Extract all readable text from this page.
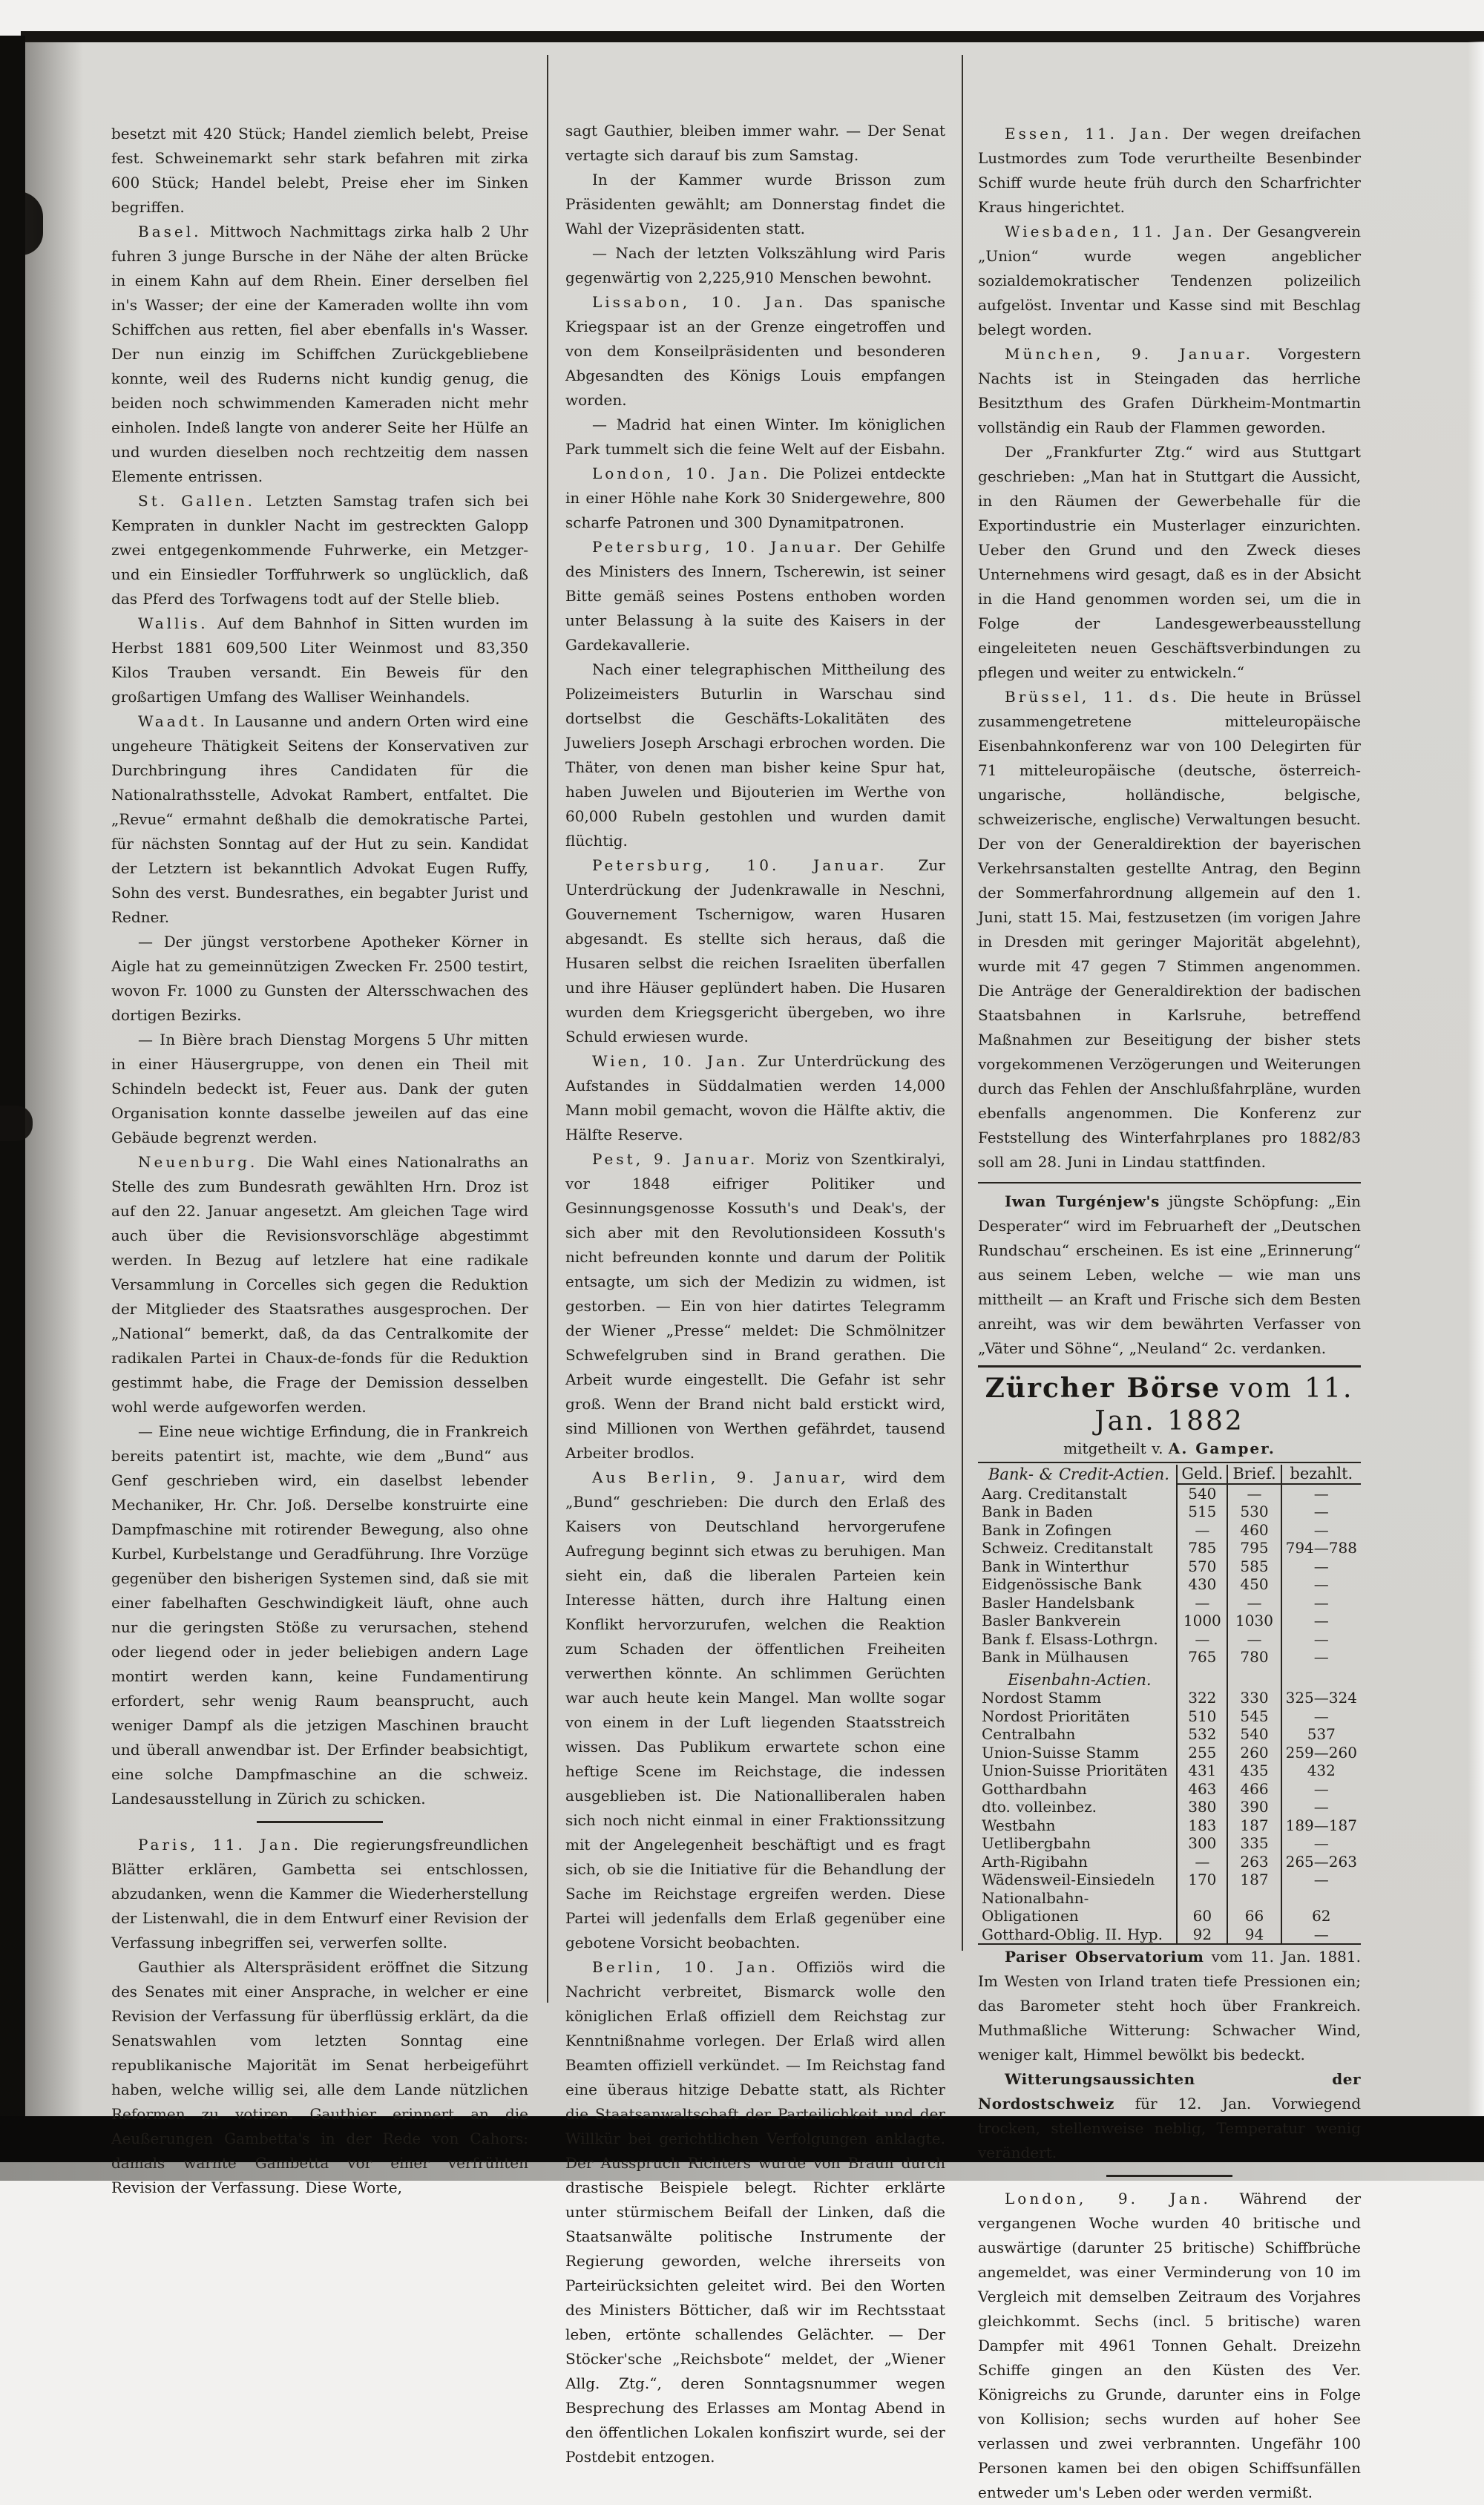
besetzt mit 420 Stück; Handel ziemlich belebt, Preise fest. Schweinemarkt sehr stark befahren mit zirka 600 Stück; Handel belebt, Preise eher im Sinken begriffen.

Basel. Mittwoch Nachmittags zirka halb 2 Uhr fuhren 3 junge Bursche in der Nähe der alten Brücke in einem Kahn auf dem Rhein. Einer derselben fiel in's Wasser; der eine der Kameraden wollte ihn vom Schiffchen aus retten, fiel aber ebenfalls in's Wasser. Der nun einzig im Schiffchen Zurückgebliebene konnte, weil des Ruderns nicht kundig genug, die beiden noch schwimmenden Kameraden nicht mehr einholen. Indeß langte von anderer Seite her Hülfe an und wurden dieselben noch rechtzeitig dem nassen Elemente entrissen.

St. Gallen. Letzten Samstag trafen sich bei Kempraten in dunkler Nacht im gestreckten Galopp zwei entgegenkommende Fuhrwerke, ein Metzger- und ein Einsiedler Torffuhrwerk so unglücklich, daß das Pferd des Torfwagens todt auf der Stelle blieb.

Wallis. Auf dem Bahnhof in Sitten wurden im Herbst 1881 609,500 Liter Weinmost und 83,350 Kilos Trauben versandt. Ein Beweis für den großartigen Umfang des Walliser Weinhandels.

Waadt. In Lausanne und andern Orten wird eine ungeheure Thätigkeit Seitens der Konservativen zur Durchbringung ihres Candidaten für die Nationalrathsstelle, Advokat Rambert, entfaltet. Die „Revue“ ermahnt deßhalb die demokratische Partei, für nächsten Sonntag auf der Hut zu sein. Kandidat der Letztern ist bekanntlich Advokat Eugen Ruffy, Sohn des verst. Bundesrathes, ein begabter Jurist und Redner.

— Der jüngst verstorbene Apotheker Körner in Aigle hat zu gemeinnützigen Zwecken Fr. 2500 testirt, wovon Fr. 1000 zu Gunsten der Altersschwachen des dortigen Bezirks.

— In Bière brach Dienstag Morgens 5 Uhr mitten in einer Häusergruppe, von denen ein Theil mit Schindeln bedeckt ist, Feuer aus. Dank der guten Organisation konnte dasselbe jeweilen auf das eine Gebäude begrenzt werden.

Neuenburg. Die Wahl eines Nationalraths an Stelle des zum Bundesrath gewählten Hrn. Droz ist auf den 22. Januar angesetzt. Am gleichen Tage wird auch über die Revisionsvorschläge abgestimmt werden. In Bezug auf letzlere hat eine radikale Versammlung in Corcelles sich gegen die Reduktion der Mitglieder des Staatsrathes ausgesprochen. Der „National“ bemerkt, daß, da das Centralkomite der radikalen Partei in Chaux-de-fonds für die Reduktion gestimmt habe, die Frage der Demission desselben wohl werde aufgeworfen werden.

— Eine neue wichtige Erfindung, die in Frankreich bereits patentirt ist, machte, wie dem „Bund“ aus Genf geschrieben wird, ein daselbst lebender Mechaniker, Hr. Chr. Joß. Derselbe konstruirte eine Dampfmaschine mit rotirender Bewegung, also ohne Kurbel, Kurbelstange und Geradführung. Ihre Vorzüge gegenüber den bisherigen Systemen sind, daß sie mit einer fabelhaften Geschwindigkeit läuft, ohne auch nur die geringsten Stöße zu verursachen, stehend oder liegend oder in jeder beliebigen andern Lage montirt werden kann, keine Fundamentirung erfordert, sehr wenig Raum beansprucht, auch weniger Dampf als die jetzigen Maschinen braucht und überall anwendbar ist. Der Erfinder beabsichtigt, eine solche Dampfmaschine an die schweiz. Landesausstellung in Zürich zu schicken.

Paris, 11. Jan. Die regierungsfreundlichen Blätter erklären, Gambetta sei entschlossen, abzudanken, wenn die Kammer die Wiederherstellung der Listenwahl, die in dem Entwurf einer Revision der Verfassung inbegriffen sei, verwerfen sollte.

Gauthier als Alterspräsident eröffnet die Sitzung des Senates mit einer Ansprache, in welcher er eine Revision der Verfassung für überflüssig erklärt, da die Senatswahlen vom letzten Sonntag eine republikanische Majorität im Senat herbeigeführt haben, welche willig sei, alle dem Lande nützlichen Reformen zu votiren. Gauthier erinnert an die Aeußerungen Gambetta's in der Rede von Cahors: damals warnte Gambetta vor einer verfrühten Revision der Verfassung. Diese Worte,

sagt Gauthier, bleiben immer wahr. — Der Senat vertagte sich darauf bis zum Samstag.

In der Kammer wurde Brisson zum Präsidenten gewählt; am Donnerstag findet die Wahl der Vizepräsidenten statt.

— Nach der letzten Volkszählung wird Paris gegenwärtig von 2,225,910 Menschen bewohnt.

Lissabon, 10. Jan. Das spanische Kriegspaar ist an der Grenze eingetroffen und von dem Konseilpräsidenten und besonderen Abgesandten des Königs Louis empfangen worden.

— Madrid hat einen Winter. Im königlichen Park tummelt sich die feine Welt auf der Eisbahn.

London, 10. Jan. Die Polizei entdeckte in einer Höhle nahe Kork 30 Snidergewehre, 800 scharfe Patronen und 300 Dynamitpatronen.

Petersburg, 10. Januar. Der Gehilfe des Ministers des Innern, Tscherewin, ist seiner Bitte gemäß seines Postens enthoben worden unter Belassung à la suite des Kaisers in der Gardekavallerie.

Nach einer telegraphischen Mittheilung des Polizeimeisters Buturlin in Warschau sind dortselbst die Geschäfts-Lokalitäten des Juweliers Joseph Arschagi erbrochen worden. Die Thäter, von denen man bisher keine Spur hat, haben Juwelen und Bijouterien im Werthe von 60,000 Rubeln gestohlen und wurden damit flüchtig.

Petersburg, 10. Januar. Zur Unterdrückung der Judenkrawalle in Neschni, Gouvernement Tschernigow, waren Husaren abgesandt. Es stellte sich heraus, daß die Husaren selbst die reichen Israeliten überfallen und ihre Häuser geplündert haben. Die Husaren wurden dem Kriegsgericht übergeben, wo ihre Schuld erwiesen wurde.

Wien, 10. Jan. Zur Unterdrückung des Aufstandes in Süddalmatien werden 14,000 Mann mobil gemacht, wovon die Hälfte aktiv, die Hälfte Reserve.

Pest, 9. Januar. Moriz von Szentkiralyi, vor 1848 eifriger Politiker und Gesinnungsgenosse Kossuth's und Deak's, der sich aber mit den Revolutionsideen Kossuth's nicht befreunden konnte und darum der Politik entsagte, um sich der Medizin zu widmen, ist gestorben. — Ein von hier datirtes Telegramm der Wiener „Presse“ meldet: Die Schmölnitzer Schwefelgruben sind in Brand gerathen. Die Arbeit wurde eingestellt. Die Gefahr ist sehr groß. Wenn der Brand nicht bald erstickt wird, sind Millionen von Werthen gefährdet, tausend Arbeiter brodlos.

Aus Berlin, 9. Januar, wird dem „Bund“ geschrieben: Die durch den Erlaß des Kaisers von Deutschland hervorgerufene Aufregung beginnt sich etwas zu beruhigen. Man sieht ein, daß die liberalen Parteien kein Interesse hätten, durch ihre Haltung einen Konflikt hervorzurufen, welchen die Reaktion zum Schaden der öffentlichen Freiheiten verwerthen könnte. An schlimmen Gerüchten war auch heute kein Mangel. Man wollte sogar von einem in der Luft liegenden Staatsstreich wissen. Das Publikum erwartete schon eine heftige Scene im Reichstage, die indessen ausgeblieben ist. Die Nationalliberalen haben sich noch nicht einmal in einer Fraktionssitzung mit der Angelegenheit beschäftigt und es fragt sich, ob sie die Initiative für die Behandlung der Sache im Reichstage ergreifen werden. Diese Partei will jedenfalls dem Erlaß gegenüber eine gebotene Vorsicht beobachten.

Berlin, 10. Jan. Offiziös wird die Nachricht verbreitet, Bismarck wolle den königlichen Erlaß offiziell dem Reichstag zur Kenntnißnahme vorlegen. Der Erlaß wird allen Beamten offiziell verkündet. — Im Reichstag fand eine überaus hitzige Debatte statt, als Richter die Staatsanwaltschaft der Parteilichkeit und der Willkür bei gerichtlichen Verfolgungen anklagte. Der Ausspruch Richters wurde von Braun durch drastische Beispiele belegt. Richter erklärte unter stürmischem Beifall der Linken, daß die Staatsanwälte politische Instrumente der Regierung geworden, welche ihrerseits von Parteirücksichten geleitet wird. Bei den Worten des Ministers Bötticher, daß wir im Rechtsstaat leben, ertönte schallendes Gelächter. — Der Stöcker'sche „Reichsbote“ meldet, der „Wiener Allg. Ztg.“, deren Sonntagsnummer wegen Besprechung des Erlasses am Montag Abend in den öffentlichen Lokalen konfiszirt wurde, sei der Postdebit entzogen.

Essen, 11. Jan. Der wegen dreifachen Lustmordes zum Tode verurtheilte Besenbinder Schiff wurde heute früh durch den Scharfrichter Kraus hingerichtet.

Wiesbaden, 11. Jan. Der Gesangverein „Union“ wurde wegen angeblicher sozialdemokratischer Tendenzen polizeilich aufgelöst. Inventar und Kasse sind mit Beschlag belegt worden.

München, 9. Januar. Vorgestern Nachts ist in Steingaden das herrliche Besitzthum des Grafen Dürkheim-Montmartin vollständig ein Raub der Flammen geworden.

Der „Frankfurter Ztg.“ wird aus Stuttgart geschrieben: „Man hat in Stuttgart die Aussicht, in den Räumen der Gewerbehalle für die Exportindustrie ein Musterlager einzurichten. Ueber den Grund und den Zweck dieses Unternehmens wird gesagt, daß es in der Absicht in die Hand genommen worden sei, um die in Folge der Landesgewerbeausstellung eingeleiteten neuen Geschäftsverbindungen zu pflegen und weiter zu entwickeln.“

Brüssel, 11. ds. Die heute in Brüssel zusammengetretene mitteleuropäische Eisenbahnkonferenz war von 100 Delegirten für 71 mitteleuropäische (deutsche, österreich-ungarische, holländische, belgische, schweizerische, englische) Verwaltungen besucht. Der von der Generaldirektion der bayerischen Verkehrsanstalten gestellte Antrag, den Beginn der Sommerfahrordnung allgemein auf den 1. Juni, statt 15. Mai, festzusetzen (im vorigen Jahre in Dresden mit geringer Majorität abgelehnt), wurde mit 47 gegen 7 Stimmen angenommen. Die Anträge der Generaldirektion der badischen Staatsbahnen in Karlsruhe, betreffend Maßnahmen zur Beseitigung der bisher stets vorgekommenen Verzögerungen und Weiterungen durch das Fehlen der Anschlußfahrpläne, wurden ebenfalls angenommen. Die Konferenz zur Feststellung des Winterfahrplanes pro 1882/83 soll am 28. Juni in Lindau stattfinden.

Iwan Turgénjew's jüngste Schöpfung: „Ein Desperater“ wird im Februarheft der „Deutschen Rundschau“ erscheinen. Es ist eine „Erinnerung“ aus seinem Leben, welche — wie man uns mittheilt — an Kraft und Frische sich dem Besten anreiht, was wir dem bewährten Verfasser von „Väter und Söhne“, „Neuland“ 2c. verdanken.

Zürcher Börse vom 11. Jan. 1882
mitgetheilt v. A. Gamper.
Bank- & Credit-Actien.	Geld.	Brief.	bezahlt.
Aarg. Creditanstalt	540	—	—
Bank in Baden	515	530	—
Bank in Zofingen	—	460	—
Schweiz. Creditanstalt	785	795	794—788
Bank in Winterthur	570	585	—
Eidgenössische Bank	430	450	—
Basler Handelsbank	—	—	—
Basler Bankverein	1000	1030	—
Bank f. Elsass-Lothrgn.	—	—	—
Bank in Mülhausen	765	780	—
Eisenbahn-Actien.			
Nordost Stamm	322	330	325—324
Nordost Prioritäten	510	545	—
Centralbahn	532	540	537
Union-Suisse Stamm	255	260	259—260
Union-Suisse Prioritäten	431	435	432
Gotthardbahn	463	466	—
dto. volleinbez.	380	390	—
Westbahn	183	187	189—187
Uetlibergbahn	300	335	—
Arth-Rigibahn	—	263	265—263
Wädensweil-Einsiedeln	170	187	—
Nationalbahn-Obligationen	60	66	62
Gotthard-Oblig. II. Hyp.	92	94	—

Pariser Observatorium vom 11. Jan. 1881. Im Westen von Irland traten tiefe Pressionen ein; das Barometer steht hoch über Frankreich. Muthmaßliche Witterung: Schwacher Wind, weniger kalt, Himmel bewölkt bis bedeckt.

Witterungsaussichten der Nordostschweiz für 12. Jan. Vorwiegend trocken, stellenweise neblig, Temperatur wenig verändert.

London, 9. Jan. Während der vergangenen Woche wurden 40 britische und auswärtige (darunter 25 britische) Schiffbrüche angemeldet, was einer Verminderung von 10 im Vergleich mit demselben Zeitraum des Vorjahres gleichkommt. Sechs (incl. 5 britische) waren Dampfer mit 4961 Tonnen Gehalt. Dreizehn Schiffe gingen an den Küsten des Ver. Königreichs zu Grunde, darunter eins in Folge von Kollision; sechs wurden auf hoher See verlassen und zwei verbrannten. Ungefähr 100 Personen kamen bei den obigen Schiffsunfällen entweder um's Leben oder werden vermißt.
